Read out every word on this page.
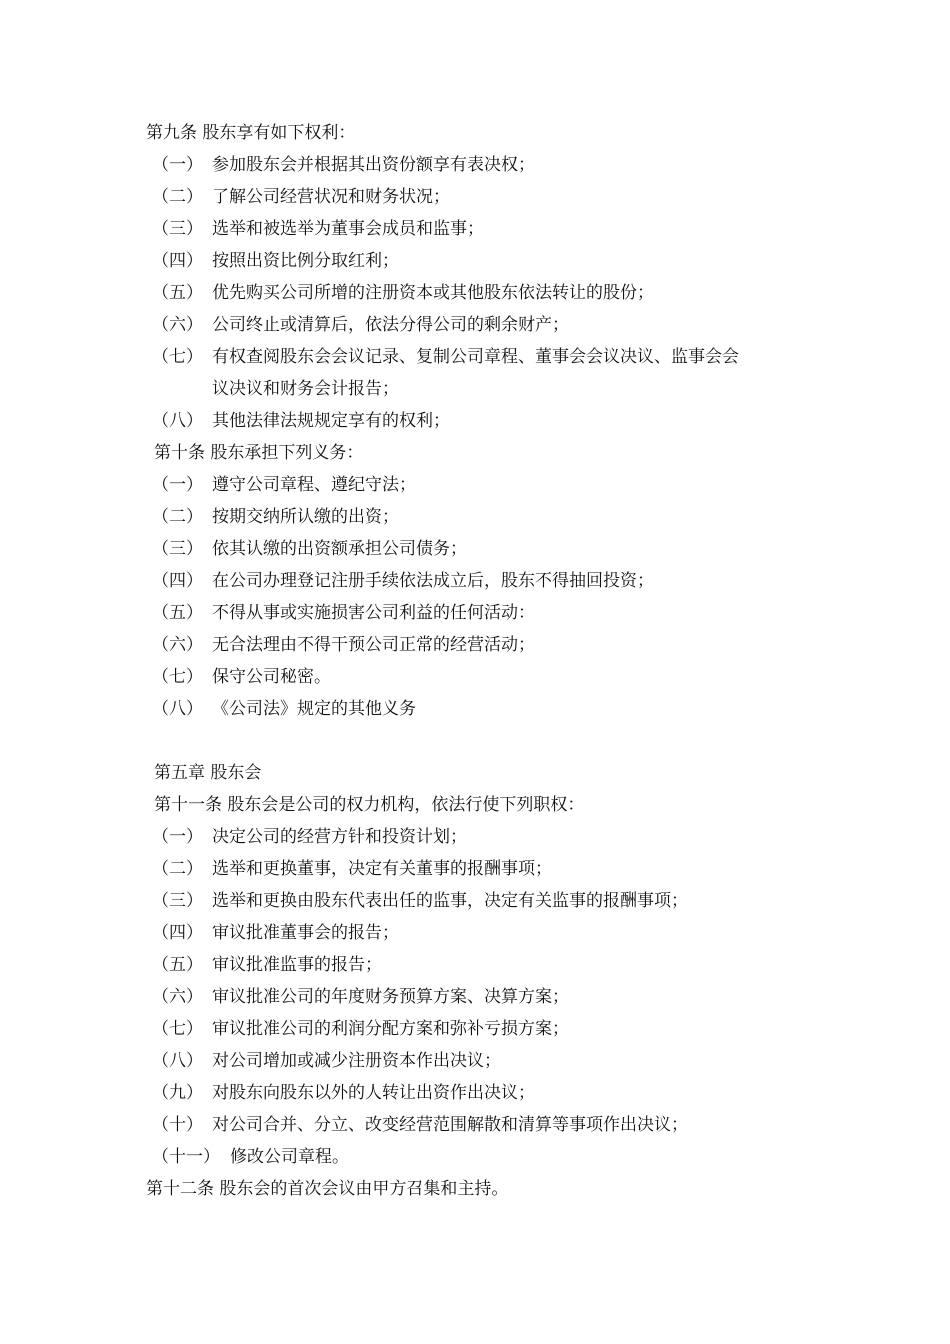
第九条 股东享有如下权利：
（一） 参加股东会并根据其出资份额享有表决权；
（二） 了解公司经营状况和财务状况；
（三） 选举和被选举为董事会成员和监事；
（四） 按照出资比例分取红利；
（五） 优先购买公司所增的注册资本或其他股东依法转让的股份；
（六） 公司终止或清算后，依法分得公司的剩余财产；
（七） 有权查阅股东会会议记录、复制公司章程、董事会会议决议、监事会会
议决议和财务会计报告；
（八） 其他法律法规规定享有的权利；
第十条 股东承担下列义务：
（一） 遵守公司章程、遵纪守法；
（二） 按期交纳所认缴的出资；
（三） 依其认缴的出资额承担公司债务；
（四） 在公司办理登记注册手续依法成立后，股东不得抽回投资；
（五） 不得从事或实施损害公司利益的任何活动：
（六） 无合法理由不得干预公司正常的经营活动；
（七） 保守公司秘密。
（八） 《公司法》规定的其他义务
第五章 股东会
第十一条 股东会是公司的权力机构，依法行使下列职权：
（一） 决定公司的经营方针和投资计划；
（二） 选举和更换董事，决定有关董事的报酬事项；
（三） 选举和更换由股东代表出任的监事，决定有关监事的报酬事项；
（四） 审议批准董事会的报告；
（五） 审议批准监事的报告；
（六） 审议批准公司的年度财务预算方案、决算方案；
（七） 审议批准公司的利润分配方案和弥补亏损方案；
（八） 对公司增加或减少注册资本作出决议；
（九） 对股东向股东以外的人转让出资作出决议；
（十） 对公司合并、分立、改变经营范围解散和清算等事项作出决议；
（十一） 修改公司章程。
第十二条 股东会的首次会议由甲方召集和主持。
